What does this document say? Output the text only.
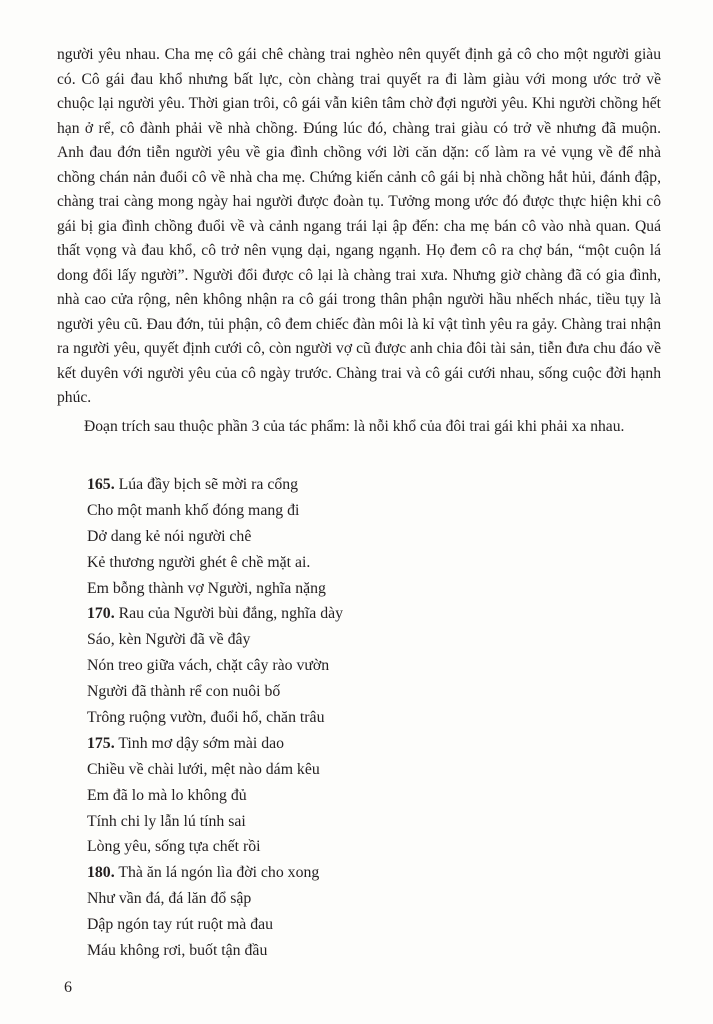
người yêu nhau. Cha mẹ cô gái chê chàng trai nghèo nên quyết định gả cô cho một người giàu có. Cô gái đau khổ nhưng bất lực, còn chàng trai quyết ra đi làm giàu với mong ước trở về chuộc lại người yêu. Thời gian trôi, cô gái vẫn kiên tâm chờ đợi người yêu. Khi người chồng hết hạn ở rể, cô đành phải về nhà chồng. Đúng lúc đó, chàng trai giàu có trở về nhưng đã muộn. Anh đau đớn tiễn người yêu về gia đình chồng với lời căn dặn: cố làm ra vẻ vụng về để nhà chồng chán nản đuổi cô về nhà cha mẹ. Chứng kiến cảnh cô gái bị nhà chồng hắt hủi, đánh đập, chàng trai càng mong ngày hai người được đoàn tụ. Tưởng mong ước đó được thực hiện khi cô gái bị gia đình chồng đuổi về và cảnh ngang trái lại ập đến: cha mẹ bán cô vào nhà quan. Quá thất vọng và đau khổ, cô trở nên vụng dại, ngang ngạnh. Họ đem cô ra chợ bán, “một cuộn lá dong đổi lấy người”. Người đổi được cô lại là chàng trai xưa. Nhưng giờ chàng đã có gia đình, nhà cao cửa rộng, nên không nhận ra cô gái trong thân phận người hầu nhếch nhác, tiều tụy là người yêu cũ. Đau đớn, tủi phận, cô đem chiếc đàn môi là kỉ vật tình yêu ra gảy. Chàng trai nhận ra người yêu, quyết định cưới cô, còn người vợ cũ được anh chia đôi tài sản, tiễn đưa chu đáo về kết duyên với người yêu của cô ngày trước. Chàng trai và cô gái cưới nhau, sống cuộc đời hạnh phúc.

Đoạn trích sau thuộc phần 3 của tác phẩm: là nỗi khổ của đôi trai gái khi phải xa nhau.

165. Lúa đầy bịch sẽ mời ra cổng
Cho một manh khố đóng mang đi
Dở dang kẻ nói người chê
Kẻ thương người ghét ê chề mặt ai.
Em bỗng thành vợ Người, nghĩa nặng
170. Rau của Người bùi đắng, nghĩa dày
Sáo, kèn Người đã về đây
Nón treo giữa vách, chặt cây rào vườn
Người đã thành rể con nuôi bố
Trông ruộng vườn, đuổi hổ, chăn trâu
175. Tinh mơ dậy sớm mài dao
Chiều về chài lưới, mệt nào dám kêu
Em đã lo mà lo không đủ
Tính chi ly lẫn lú tính sai
Lòng yêu, sống tựa chết rồi
180. Thà ăn lá ngón lìa đời cho xong
Như vần đá, đá lăn đổ sập
Dập ngón tay rút ruột mà đau
Máu không rơi, buốt tận đầu
6
